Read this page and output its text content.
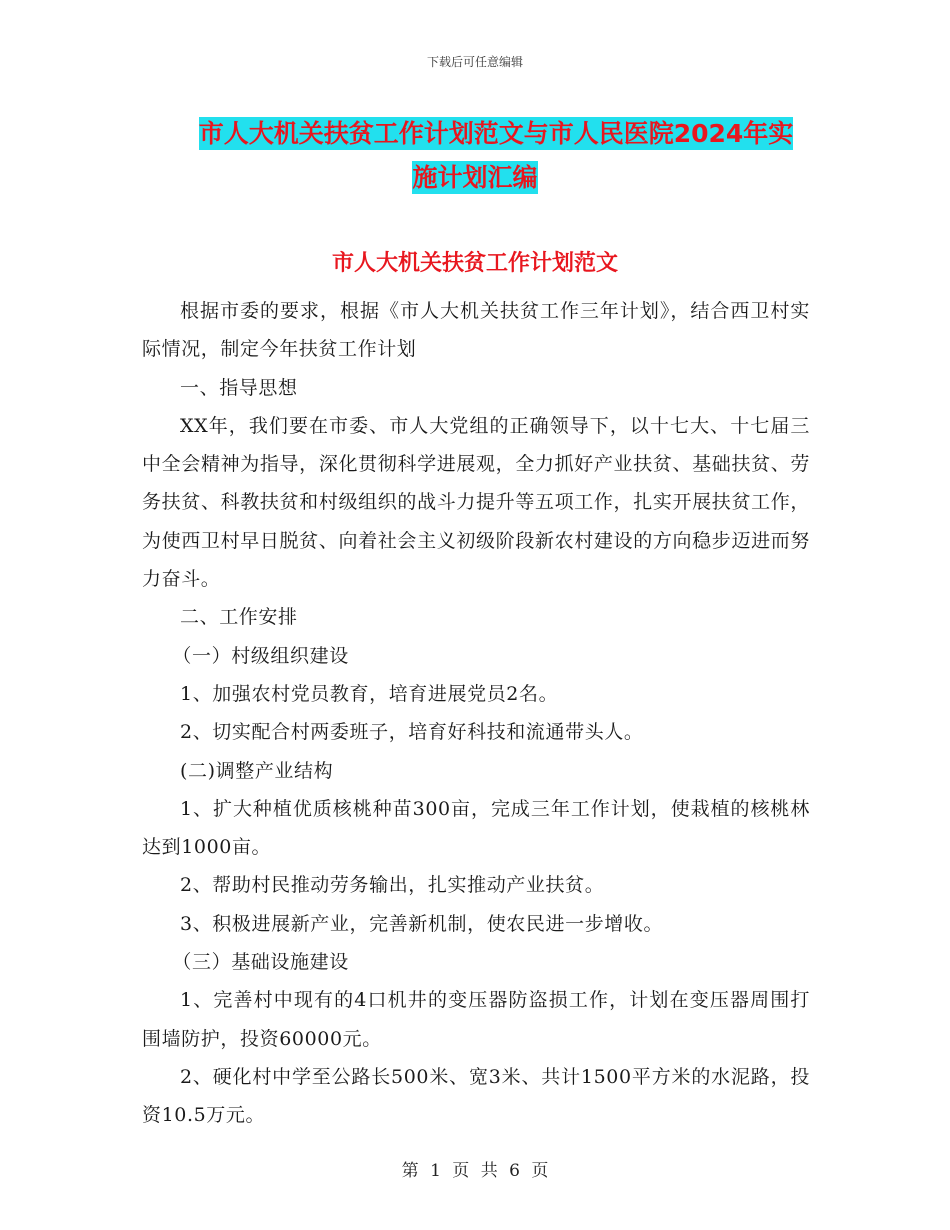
下载后可任意编辑
市人大机关扶贫工作计划范文与市人民医院2024年实
施计划汇编
市人大机关扶贫工作计划范文

根据市委的要求，根据《市人大机关扶贫工作三年计划》，结合西卫村实际情况，制定今年扶贫工作计划

一、指导思想

XX年，我们要在市委、市人大党组的正确领导下，以十七大、十七届三中全会精神为指导，深化贯彻科学进展观，全力抓好产业扶贫、基础扶贫、劳务扶贫、科教扶贫和村级组织的战斗力提升等五项工作，扎实开展扶贫工作，为使西卫村早日脱贫、向着社会主义初级阶段新农村建设的方向稳步迈进而努力奋斗。

二、工作安排

（一）村级组织建设

1、加强农村党员教育，培育进展党员2名。

2、切实配合村两委班子，培育好科技和流通带头人。

(二)调整产业结构

1、扩大种植优质核桃种苗300亩，完成三年工作计划，使栽植的核桃林达到1000亩。

2、帮助村民推动劳务输出，扎实推动产业扶贫。

3、积极进展新产业，完善新机制，使农民进一步增收。

（三）基础设施建设

1、完善村中现有的4口机井的变压器防盗损工作，计划在变压器周围打围墙防护，投资60000元。

2、硬化村中学至公路长500米、宽3米、共计1500平方米的水泥路，投资10.5万元。

第 1 页 共 6 页
